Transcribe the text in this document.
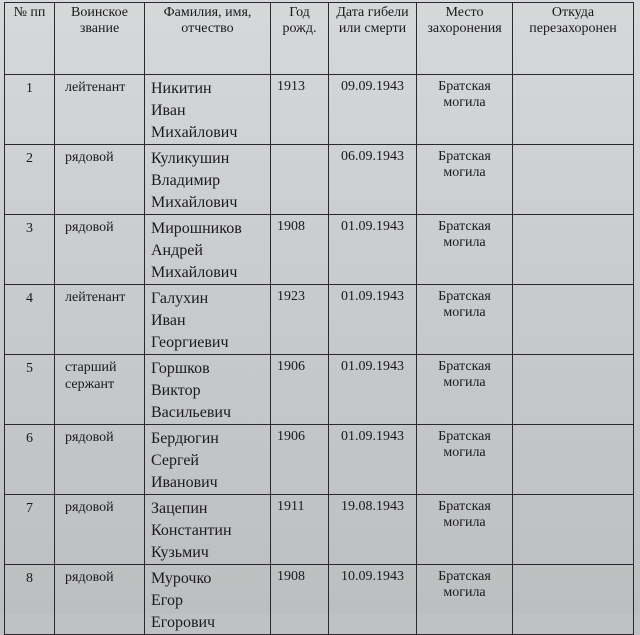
№ пп	Воинское звание	Фамилия, имя, отчество	Год рожд.	Дата гибели или смерти	Место захоронения	Откуда перезахоронен
1	лейтенант	Никитин
Иван
Михайлович	1913	09.09.1943	Братская могила	
2	рядовой	Куликушин
Владимир
Михайлович		06.09.1943	Братская могила	
3	рядовой	Мирошников
Андрей
Михайлович	1908	01.09.1943	Братская могила	
4	лейтенант	Галухин
Иван
Георгиевич	1923	01.09.1943	Братская могила	
5	старший сержант	Горшков
Виктор
Васильевич	1906	01.09.1943	Братская могила	
6	рядовой	Бердюгин
Сергей
Иванович	1906	01.09.1943	Братская могила	
7	рядовой	Зацепин
Константин
Кузьмич	1911	19.08.1943	Братская могила	
8	рядовой	Мурочко
Егор
Егорович	1908	10.09.1943	Братская могила	
